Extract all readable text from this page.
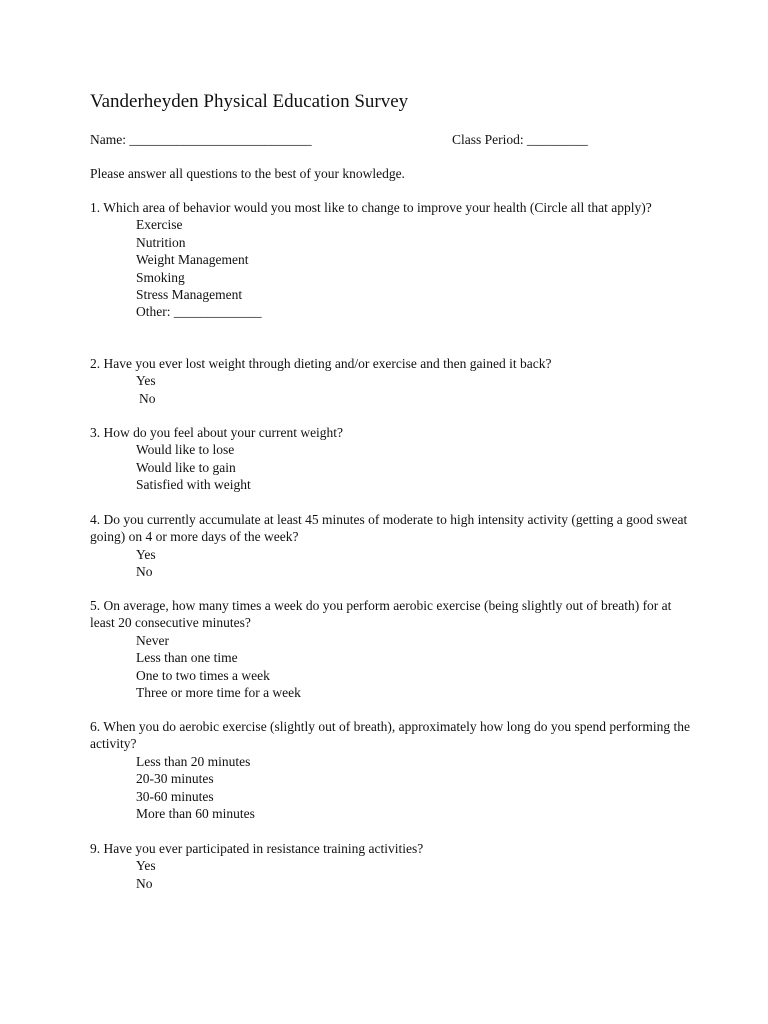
Vanderheyden Physical Education Survey
Name: ___________________________	Class Period: _________
Please answer all questions to the best of your knowledge.

1. Which area of behavior would you most like to change to improve your health (Circle all that apply)?

Exercise

Nutrition

Weight Management

Smoking

Stress Management

Other: _____________

2. Have you ever lost weight through dieting and/or exercise and then gained it back?

Yes

No

3. How do you feel about your current weight?

Would like to lose

Would like to gain

Satisfied with weight

4. Do you currently accumulate at least 45 minutes of moderate to high intensity activity (getting a good sweat going) on 4 or more days of the week?

Yes

No

5. On average, how many times a week do you perform aerobic exercise (being slightly out of breath) for at least 20 consecutive minutes?

Never

Less than one time

One to two times a week

Three or more time for a week

6. When you do aerobic exercise (slightly out of breath), approximately how long do you spend performing the activity?

Less than 20 minutes

20-30 minutes

30-60 minutes

More than 60 minutes

9. Have you ever participated in resistance training activities?

Yes

No
